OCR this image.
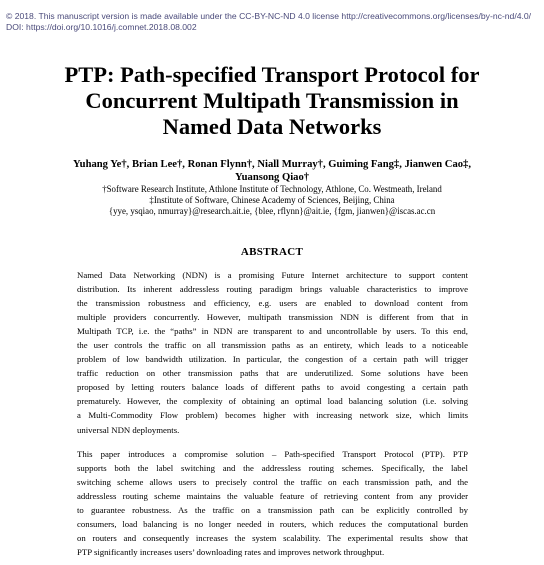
© 2018. This manuscript version is made available under the CC-BY-NC-ND 4.0 license http://creativecommons.org/licenses/by-nc-nd/4.0/
DOI: https://doi.org/10.1016/j.comnet.2018.08.002
PTP: Path-specified Transport Protocol for
Concurrent Multipath Transmission in
Named Data Networks
Yuhang Ye†, Brian Lee†, Ronan Flynn†, Niall Murray†, Guiming Fang‡, Jianwen Cao‡,
Yuansong Qiao†
†Software Research Institute, Athlone Institute of Technology, Athlone, Co. Westmeath, Ireland
‡Institute of Software, Chinese Academy of Sciences, Beijing, China
{yye, ysqiao, nmurray}@research.ait.ie, {blee, rflynn}@ait.ie, {fgm, jianwen}@iscas.ac.cn
ABSTRACT
Named Data Networking (NDN) is a promising Future Internet architecture to support content
distribution. Its inherent addressless routing paradigm brings valuable characteristics to improve
the transmission robustness and efficiency, e.g. users are enabled to download content from
multiple providers concurrently. However, multipath transmission NDN is different from that in
Multipath TCP, i.e. the “paths” in NDN are transparent to and uncontrollable by users. To this end,
the user controls the traffic on all transmission paths as an entirety, which leads to a noticeable
problem of low bandwidth utilization. In particular, the congestion of a certain path will trigger
traffic reduction on other transmission paths that are underutilized. Some solutions have been
proposed by letting routers balance loads of different paths to avoid congesting a certain path
prematurely. However, the complexity of obtaining an optimal load balancing solution (i.e. solving
a Multi-Commodity Flow problem) becomes higher with increasing network size, which limits
universal NDN deployments.
This paper introduces a compromise solution – Path-specified Transport Protocol (PTP). PTP
supports both the label switching and the addressless routing schemes. Specifically, the label
switching scheme allows users to precisely control the traffic on each transmission path, and the
addressless routing scheme maintains the valuable feature of retrieving content from any provider
to guarantee robustness. As the traffic on a transmission path can be explicitly controlled by
consumers, load balancing is no longer needed in routers, which reduces the computational burden
on routers and consequently increases the system scalability. The experimental results show that
PTP significantly increases users’ downloading rates and improves network throughput.
